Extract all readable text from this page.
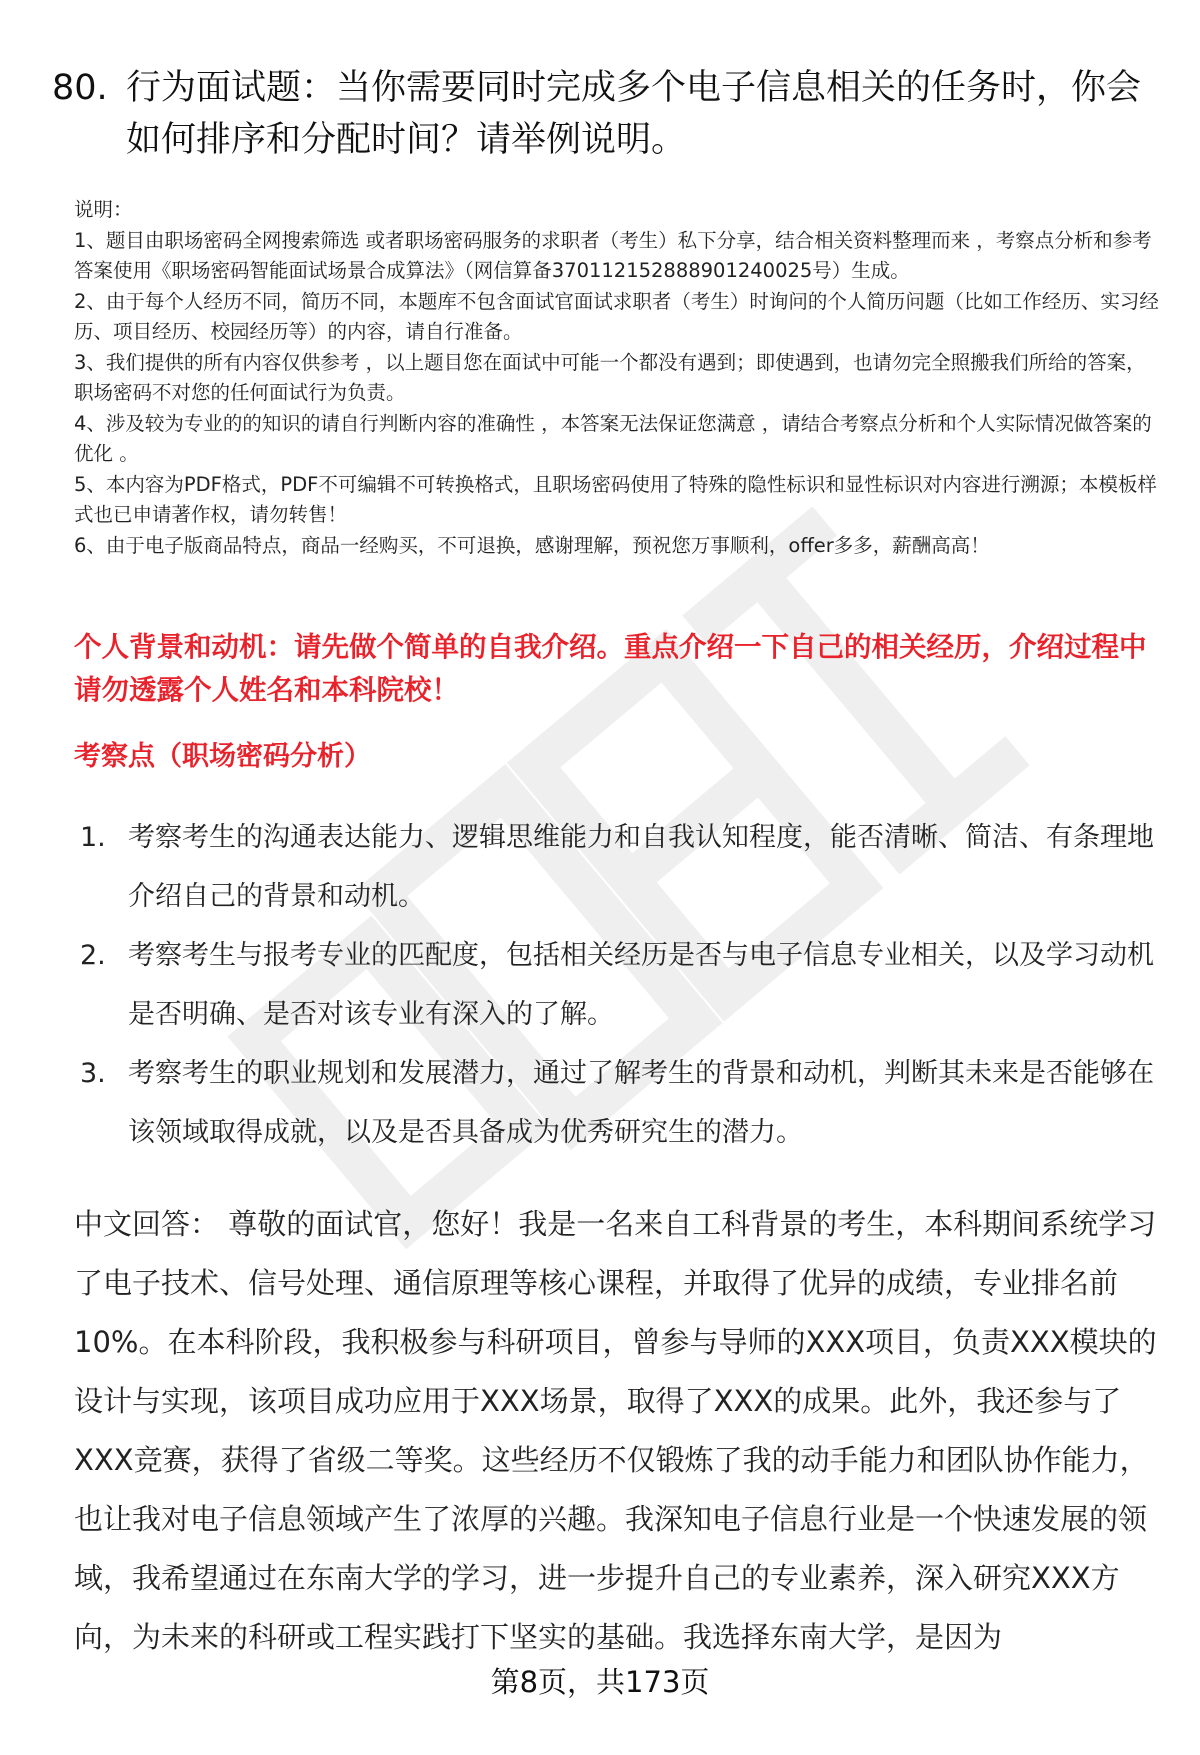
80. 行为面试题：当你需要同时完成多个电子信息相关的任务时，你会如何排序和分配时间？请举例说明。

说明：

1、题目由职场密码全网搜索筛选 或者职场密码服务的求职者（考生）私下分享，结合相关资料整理而来 ，考察点分析和参考答案使用《职场密码智能面试场景合成算法》（网信算备370112152888901240025号）生成。

2、由于每个人经历不同，简历不同，本题库不包含面试官面试求职者（考生）时询问的个人简历问题（比如工作经历、实习经历、项目经历、校园经历等）的内容，请自行准备。

3、我们提供的所有内容仅供参考 ，以上题目您在面试中可能一个都没有遇到；即使遇到，也请勿完全照搬我们所给的答案，职场密码不对您的任何面试行为负责。

4、涉及较为专业的的知识的请自行判断内容的准确性 ，本答案无法保证您满意 ，请结合考察点分析和个人实际情况做答案的优化 。

5、本内容为PDF格式，PDF不可编辑不可转换格式，且职场密码使用了特殊的隐性标识和显性标识对内容进行溯源；本模板样式也已申请著作权，请勿转售！

6、由于电子版商品特点，商品一经购买，不可退换，感谢理解，预祝您万事顺利，offer多多，薪酬高高！

个人背景和动机：请先做个简单的自我介绍。重点介绍一下自己的相关经历，介绍过程中请勿透露个人姓名和本科院校！
考察点（职场密码分析）
1. 考察考生的沟通表达能力、逻辑思维能力和自我认知程度，能否清晰、简洁、有条理地介绍自己的背景和动机。
2. 考察考生与报考专业的匹配度，包括相关经历是否与电子信息专业相关，以及学习动机是否明确、是否对该专业有深入的了解。
3. 考察考生的职业规划和发展潜力，通过了解考生的背景和动机，判断其未来是否能够在该领域取得成就，以及是否具备成为优秀研究生的潜力。
中文回答： 尊敬的面试官，您好！我是一名来自工科背景的考生，本科期间系统学习了电子技术、信号处理、通信原理等核心课程，并取得了优异的成绩，专业排名前10%。在本科阶段，我积极参与科研项目，曾参与导师的XXX项目，负责XXX模块的设计与实现，该项目成功应用于XXX场景，取得了XXX的成果。此外，我还参与了XXX竞赛，获得了省级二等奖。这些经历不仅锻炼了我的动手能力和团队协作能力，也让我对电子信息领域产生了浓厚的兴趣。我深知电子信息行业是一个快速发展的领域，我希望通过在东南大学的学习，进一步提升自己的专业素养，深入研究XXX方向，为未来的科研或工程实践打下坚实的基础。我选择东南大学，是因为
第8页，共173页
